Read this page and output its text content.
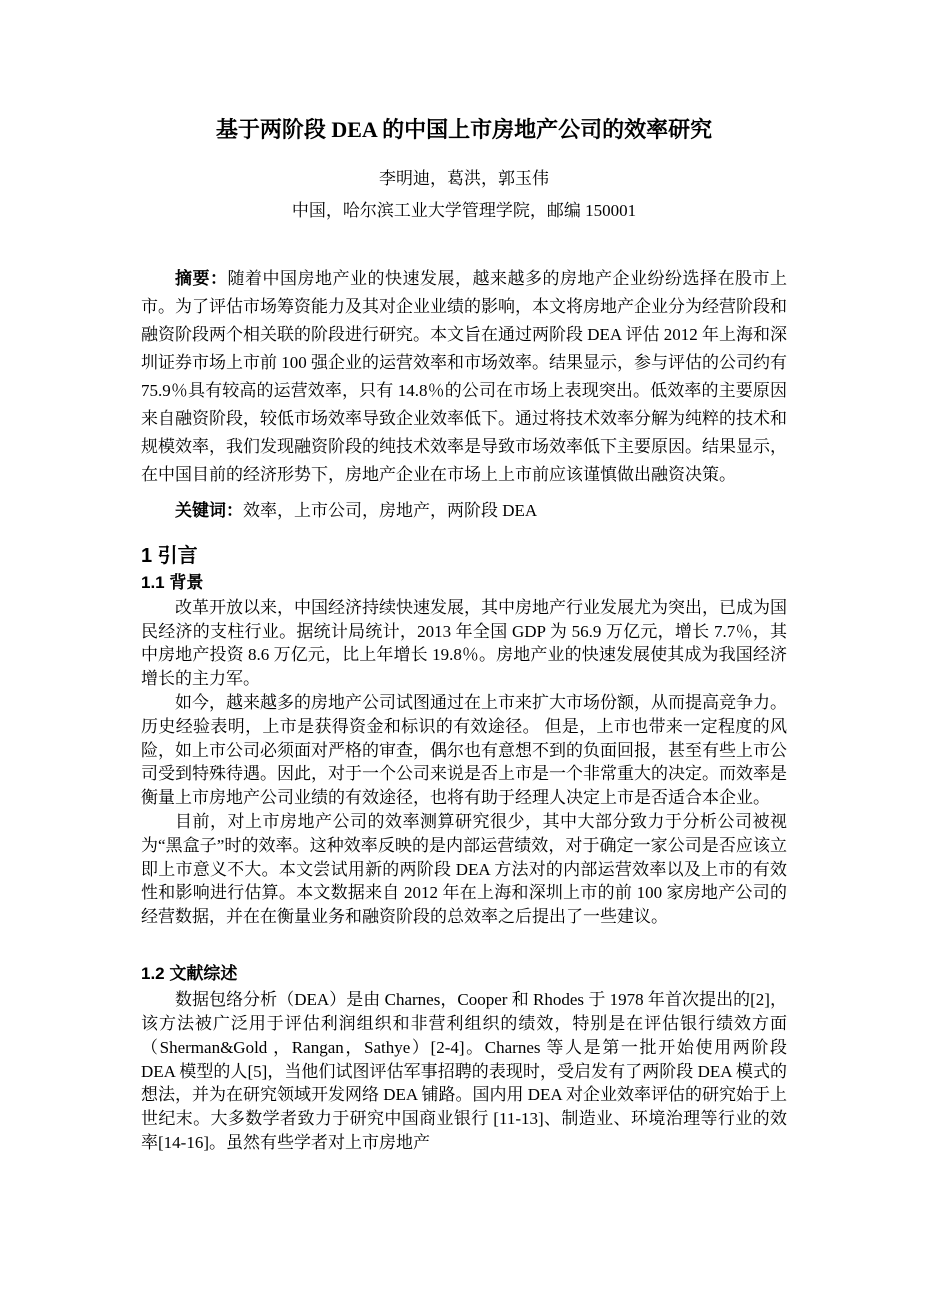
基于两阶段 DEA 的中国上市房地产公司的效率研究
李明迪，葛洪，郭玉伟
中国，哈尔滨工业大学管理学院，邮编 150001

摘要：随着中国房地产业的快速发展，越来越多的房地产企业纷纷选择在股市上市。为了评估市场筹资能力及其对企业业绩的影响，本文将房地产企业分为经营阶段和融资阶段两个相关联的阶段进行研究。本文旨在通过两阶段 DEA 评估 2012 年上海和深圳证券市场上市前 100 强企业的运营效率和市场效率。结果显示，参与评估的公司约有 75.9％具有较高的运营效率，只有 14.8％的公司在市场上表现突出。低效率的主要原因来自融资阶段，较低市场效率导致企业效率低下。通过将技术效率分解为纯粹的技术和规模效率，我们发现融资阶段的纯技术效率是导致市场效率低下主要原因。结果显示，在中国目前的经济形势下，房地产企业在市场上上市前应该谨慎做出融资决策。

关键词：效率，上市公司，房地产，两阶段 DEA

1 引言
1.1 背景

改革开放以来，中国经济持续快速发展，其中房地产行业发展尤为突出，已成为国民经济的支柱行业。据统计局统计，2013 年全国 GDP 为 56.9 万亿元，增长 7.7％，其中房地产投资 8.6 万亿元，比上年增长 19.8％。房地产业的快速发展使其成为我国经济增长的主力军。

如今，越来越多的房地产公司试图通过在上市来扩大市场份额，从而提高竞争力。历史经验表明，上市是获得资金和标识的有效途径。 但是，上市也带来一定程度的风险，如上市公司必须面对严格的审查，偶尔也有意想不到的负面回报，甚至有些上市公司受到特殊待遇。因此，对于一个公司来说是否上市是一个非常重大的决定。而效率是衡量上市房地产公司业绩的有效途径，也将有助于经理人决定上市是否适合本企业。

目前，对上市房地产公司的效率测算研究很少，其中大部分致力于分析公司被视为“黑盒子”时的效率。这种效率反映的是内部运营绩效，对于确定一家公司是否应该立即上市意义不大。本文尝试用新的两阶段 DEA 方法对的内部运营效率以及上市的有效性和影响进行估算。本文数据来自 2012 年在上海和深圳上市的前 100 家房地产公司的经营数据，并在在衡量业务和融资阶段的总效率之后提出了一些建议。

1.2 文献综述

数据包络分析（DEA）是由 Charnes，Cooper 和 Rhodes 于 1978 年首次提出的[2]，该方法被广泛用于评估利润组织和非营利组织的绩效，特别是在评估银行绩效方面（Sherman&Gold ，Rangan，Sathye）[2-4]。Charnes 等人是第一批开始使用两阶段 DEA 模型的人[5]，当他们试图评估军事招聘的表现时，受启发有了两阶段 DEA 模式的想法，并为在研究领域开发网络 DEA 铺路。国内用 DEA 对企业效率评估的研究始于上世纪末。大多数学者致力于研究中国商业银行 [11-13]、制造业、环境治理等行业的效率[14-16]。虽然有些学者对上市房地产
